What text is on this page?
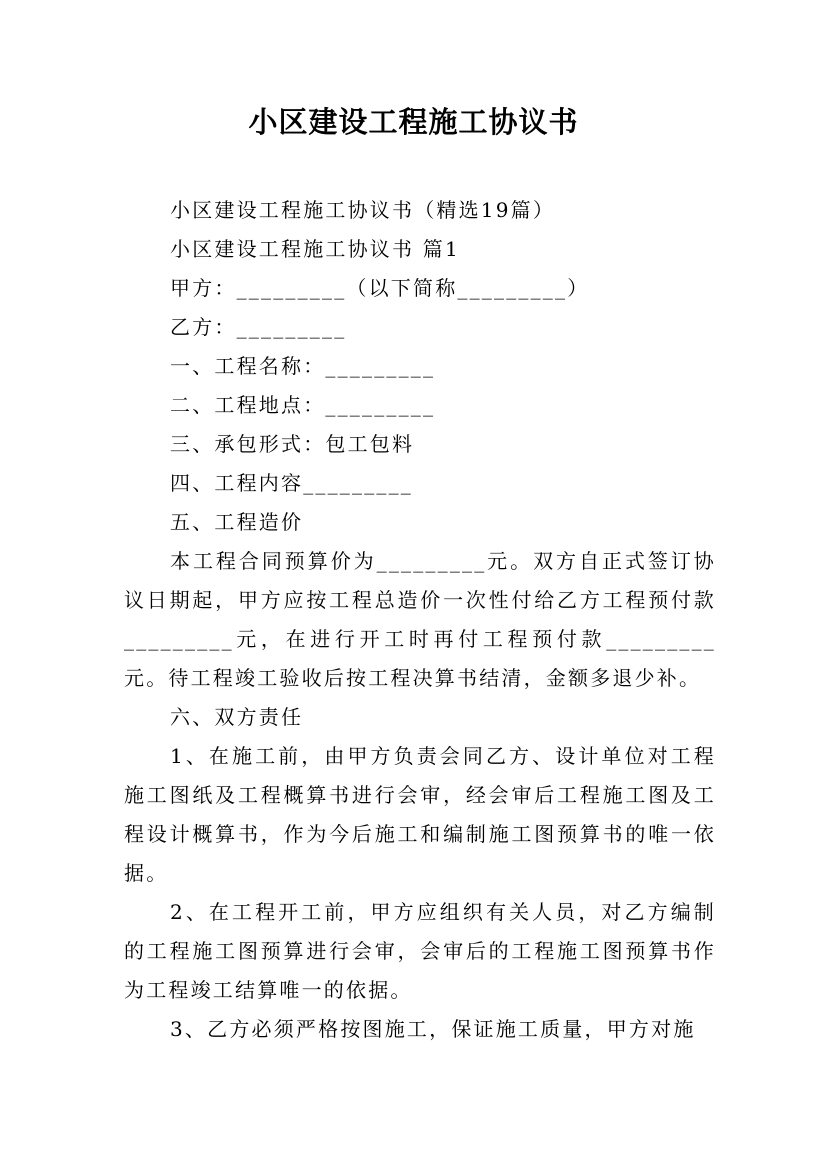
小区建设工程施工协议书

小区建设工程施工协议书（精选19篇）

小区建设工程施工协议书 篇1

甲方：_________（以下简称_________）

乙方：_________

一、工程名称：_________

二、工程地点：_________

三、承包形式：包工包料

四、工程内容_________

五、工程造价

本工程合同预算价为_________元。双方自正式签订协议日期起，甲方应按工程总造价一次性付给乙方工程预付款_________元，在进行开工时再付工程预付款_________元。待工程竣工验收后按工程决算书结清，金额多退少补。

六、双方责任

1、在施工前，由甲方负责会同乙方、设计单位对工程施工图纸及工程概算书进行会审，经会审后工程施工图及工程设计概算书，作为今后施工和编制施工图预算书的唯一依据。

2、在工程开工前，甲方应组织有关人员，对乙方编制的工程施工图预算进行会审，会审后的工程施工图预算书作为工程竣工结算唯一的依据。

3、乙方必须严格按图施工，保证施工质量，甲方对施
